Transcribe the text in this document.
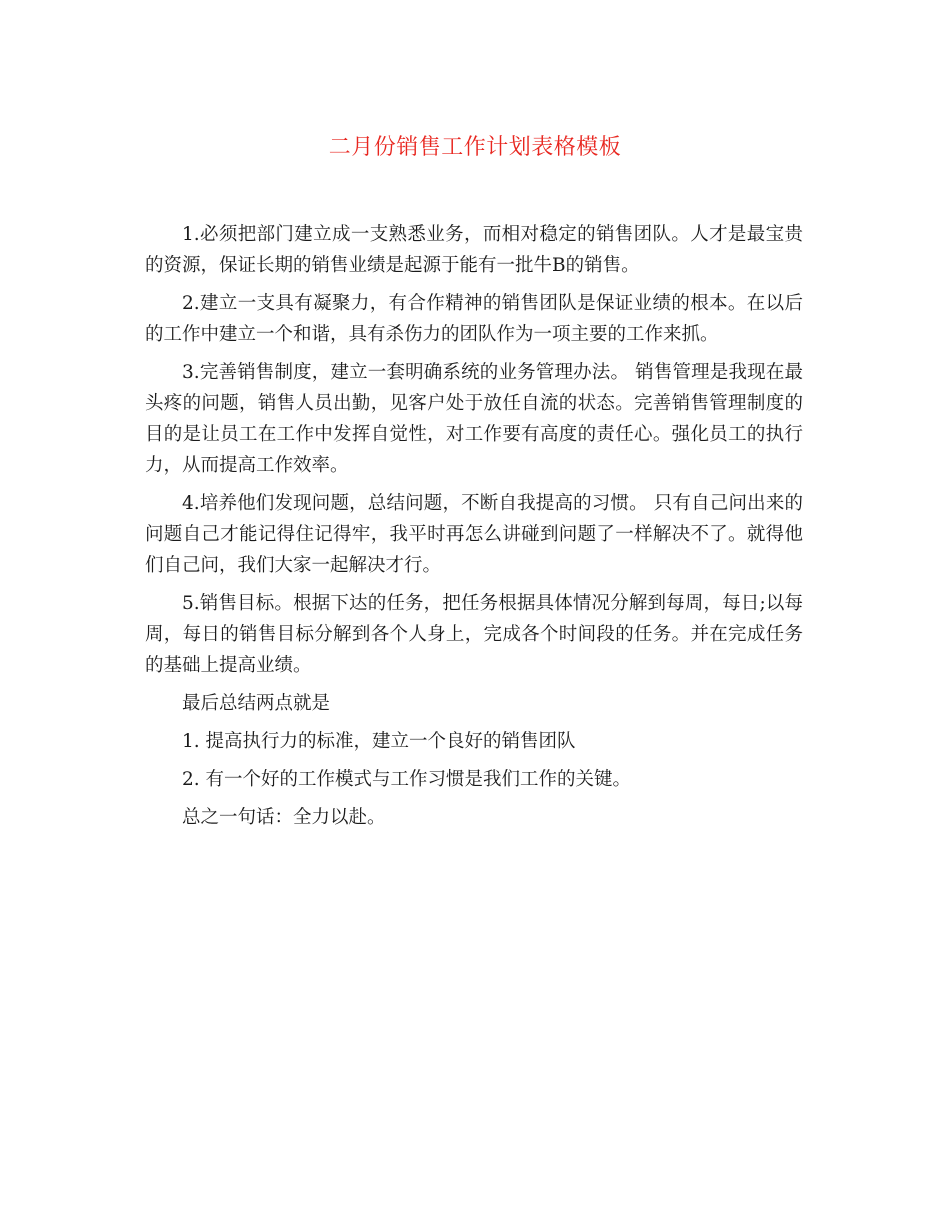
二月份销售工作计划表格模板

1.必须把部门建立成一支熟悉业务，而相对稳定的销售团队。人才是最宝贵的资源，保证长期的销售业绩是起源于能有一批牛B的销售。

2.建立一支具有凝聚力，有合作精神的销售团队是保证业绩的根本。在以后的工作中建立一个和谐，具有杀伤力的团队作为一项主要的工作来抓。

3.完善销售制度，建立一套明确系统的业务管理办法。 销售管理是我现在最头疼的问题，销售人员出勤，见客户处于放任自流的状态。完善销售管理制度的目的是让员工在工作中发挥自觉性，对工作要有高度的责任心。强化员工的执行力，从而提高工作效率。

4.培养他们发现问题，总结问题，不断自我提高的习惯。 只有自己问出来的问题自己才能记得住记得牢，我平时再怎么讲碰到问题了一样解决不了。就得他们自己问，我们大家一起解决才行。

5.销售目标。根据下达的任务，把任务根据具体情况分解到每周，每日;以每周，每日的销售目标分解到各个人身上，完成各个时间段的任务。并在完成任务的基础上提高业绩。

最后总结两点就是

1. 提高执行力的标准，建立一个良好的销售团队

2. 有一个好的工作模式与工作习惯是我们工作的关键。

总之一句话：全力以赴。
